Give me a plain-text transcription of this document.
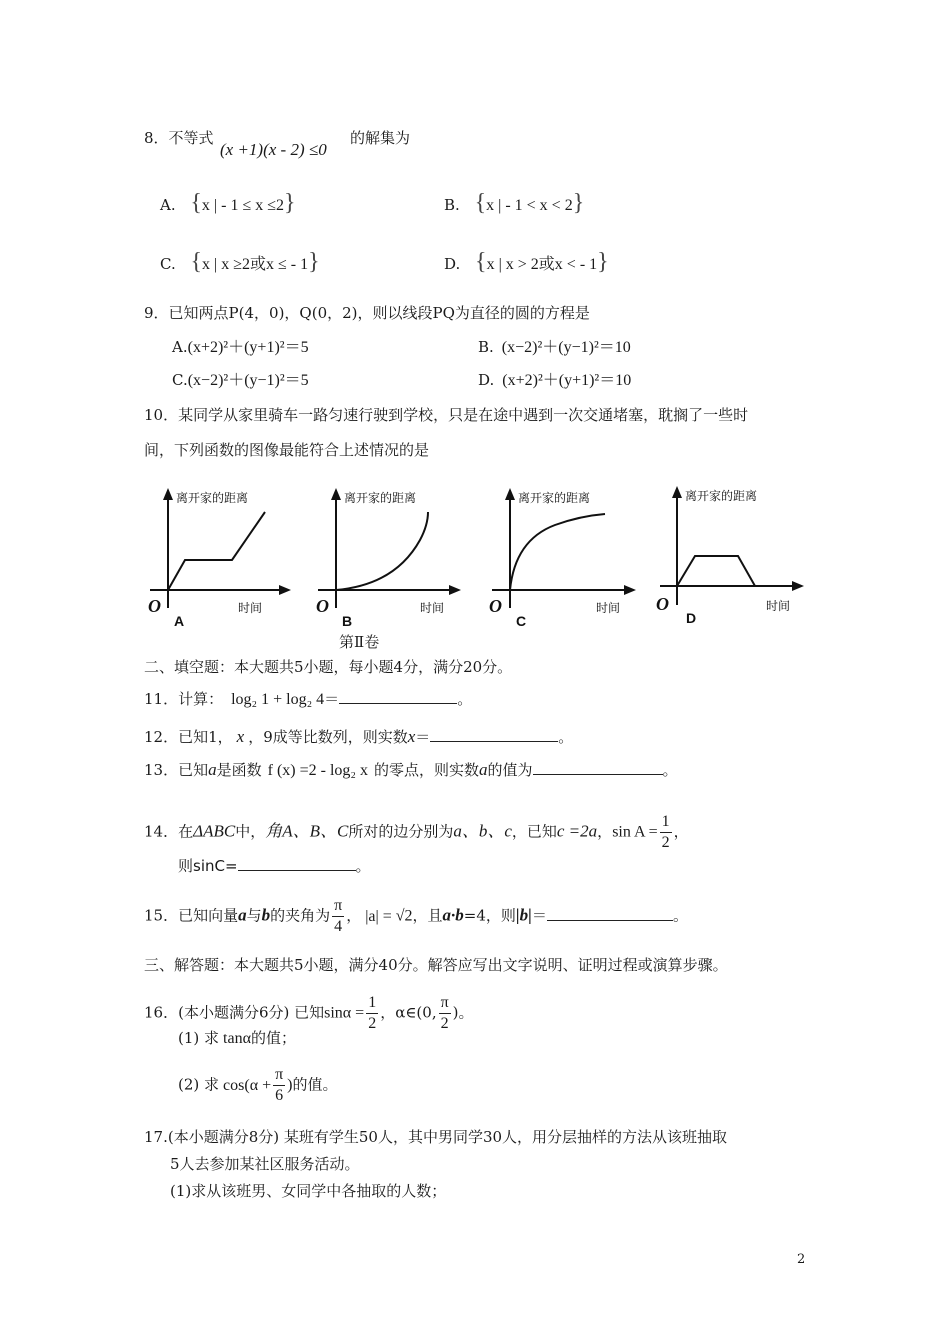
8．不等式
(x +1)(x - 2) ≤0
的解集为
A. {x | - 1 ≤ x ≤2}	B. {x | - 1 < x < 2}
C. {x | x ≥2或x ≤ - 1}	D. {x | x > 2或x < - 1}
9．已知两点P(4，0)，Q(0，2)，则以线段PQ为直径的圆的方程是
A.(x+2)²＋(y+1)²＝5	B. (x−2)²＋(y−1)²＝10
C.(x−2)²＋(y−1)²＝5	D. (x+2)²＋(y+1)²＝10
10．某同学从家里骑车一路匀速行驶到学校，只是在途中遇到一次交通堵塞，耽搁了一些时
间，下列函数的图像最能符合上述情况的是
离开家的距离
时间
O
A
离开家的距离
时间
O
B
离开家的距离
时间
O
C
离开家的距离
时间
O
D
第Ⅱ卷
二、填空题：本大题共5小题，每小题4分，满分20分。
11．计算： log₂ 1 + log₂ 4＝	。
12．已知1， x ，9成等比数列，则实数x＝	。
13．已知a是函数 f (x) =2 - log₂ x 的零点，则实数a的值为	。
14．在ΔABC中，角A、B、C所对的边分别为a、b、c，已知c =2a，$\sin A = \frac{1}{2}$ ，
则sinC=	。
15．已知向量a与b的夹角为 $\frac{\pi}{4}$ ， |a| = √2，且a·b=4，则|b|＝	。
三、解答题：本大题共5小题，满分40分。解答应写出文字说明、证明过程或演算步骤。
16．(本小题满分6分) 已知$\sin\alpha = \frac{1}{2}$ ，α∈(0, $\frac{\pi}{2}$ )。
(1) 求 tanα的值；
(2) 求 $\cos(\alpha + \frac{\pi}{6}$ )的值。
17.(本小题满分8分) 某班有学生50人，其中男同学30人，用分层抽样的方法从该班抽取
5人去参加某社区服务活动。
(1)求从该班男、女同学中各抽取的人数；
2
